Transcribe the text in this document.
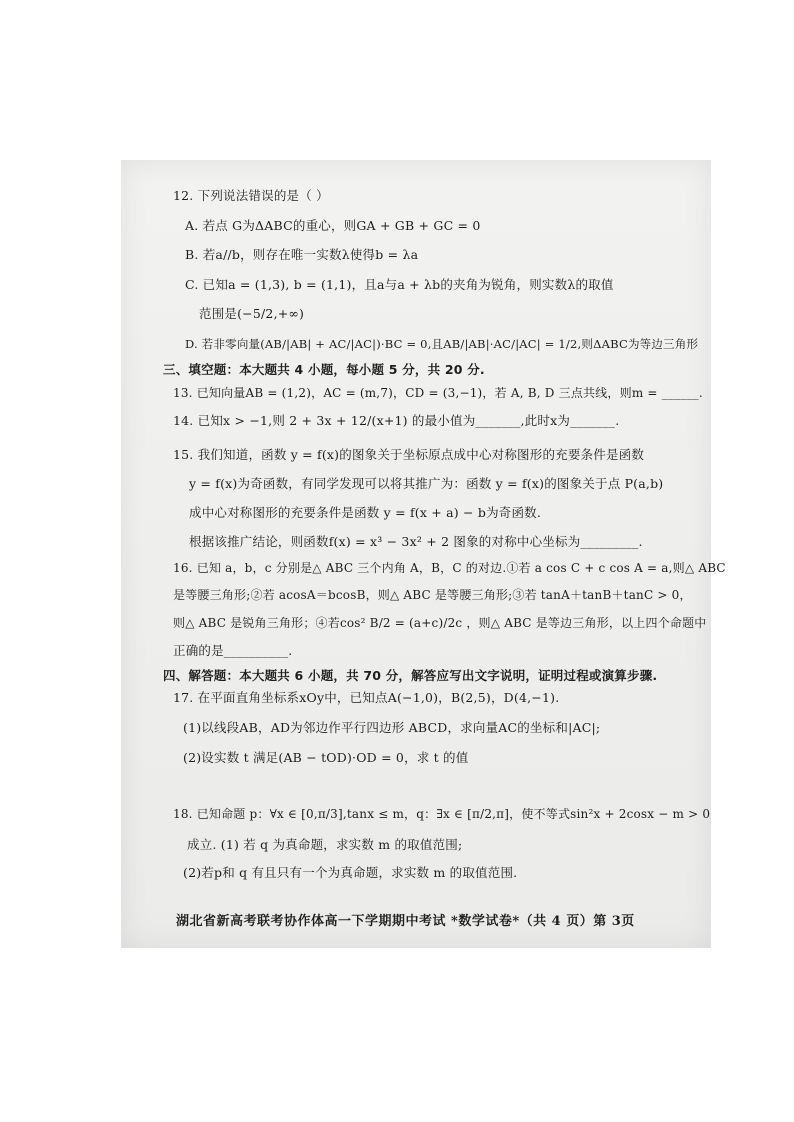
12. 下列说法错误的是（ ）
A. 若点 G为ΔABC的重心，则GA + GB + GC = 0
B. 若a//b，则存在唯一实数λ使得b = λa
C. 已知a = (1,3), b = (1,1)，且a与a + λb的夹角为锐角，则实数λ的取值
范围是(−5/2,+∞)
D. 若非零向量(AB/|AB| + AC/|AC|)·BC = 0,且AB/|AB|·AC/|AC| = 1/2,则ΔABC为等边三角形
三、填空题：本大题共 4 小题，每小题 5 分，共 20 分.
13. 已知向量AB = (1,2)，AC = (m,7)，CD = (3,−1)，若 A, B, D 三点共线，则m = ______.
14. 已知x > −1,则 2 + 3x + 12/(x+1) 的最小值为_______,此时x为_______.
15. 我们知道，函数 y = f(x)的图象关于坐标原点成中心对称图形的充要条件是函数
y = f(x)为奇函数，有同学发现可以将其推广为：函数 y = f(x)的图象关于点 P(a,b)
成中心对称图形的充要条件是函数 y = f(x + a) − b为奇函数.
根据该推广结论，则函数f(x) = x³ − 3x² + 2 图象的对称中心坐标为_________.
16. 已知 a，b，c 分别是△ ABC 三个内角 A，B，C 的对边.①若 a cos C + c cos A = a,则△ ABC
是等腰三角形;②若 acosA＝bcosB，则△ ABC 是等腰三角形;③若 tanA＋tanB＋tanC > 0，
则△ ABC 是锐角三角形；④若cos² B/2 = (a+c)/2c ，则△ ABC 是等边三角形，以上四个命题中
正确的是__________.
四、解答题：本大题共 6 小题，共 70 分，解答应写出文字说明，证明过程或演算步骤.
17. 在平面直角坐标系xOy中，已知点A(−1,0)，B(2,5)，D(4,−1).
(1)以线段AB，AD为邻边作平行四边形 ABCD，求向量AC的坐标和|AC|;
(2)设实数 t 满足(AB − tOD)·OD = 0，求 t 的值
18. 已知命题 p：∀x ∈ [0,π/3],tanx ≤ m，q：∃x ∈ [π/2,π]，使不等式sin²x + 2cosx − m > 0
成立. (1) 若 q 为真命题，求实数 m 的取值范围;
(2)若p和 q 有且只有一个为真命题，求实数 m 的取值范围.
湖北省新高考联考协作体高一下学期期中考试 *数学试卷*（共 4 页）第 3页
